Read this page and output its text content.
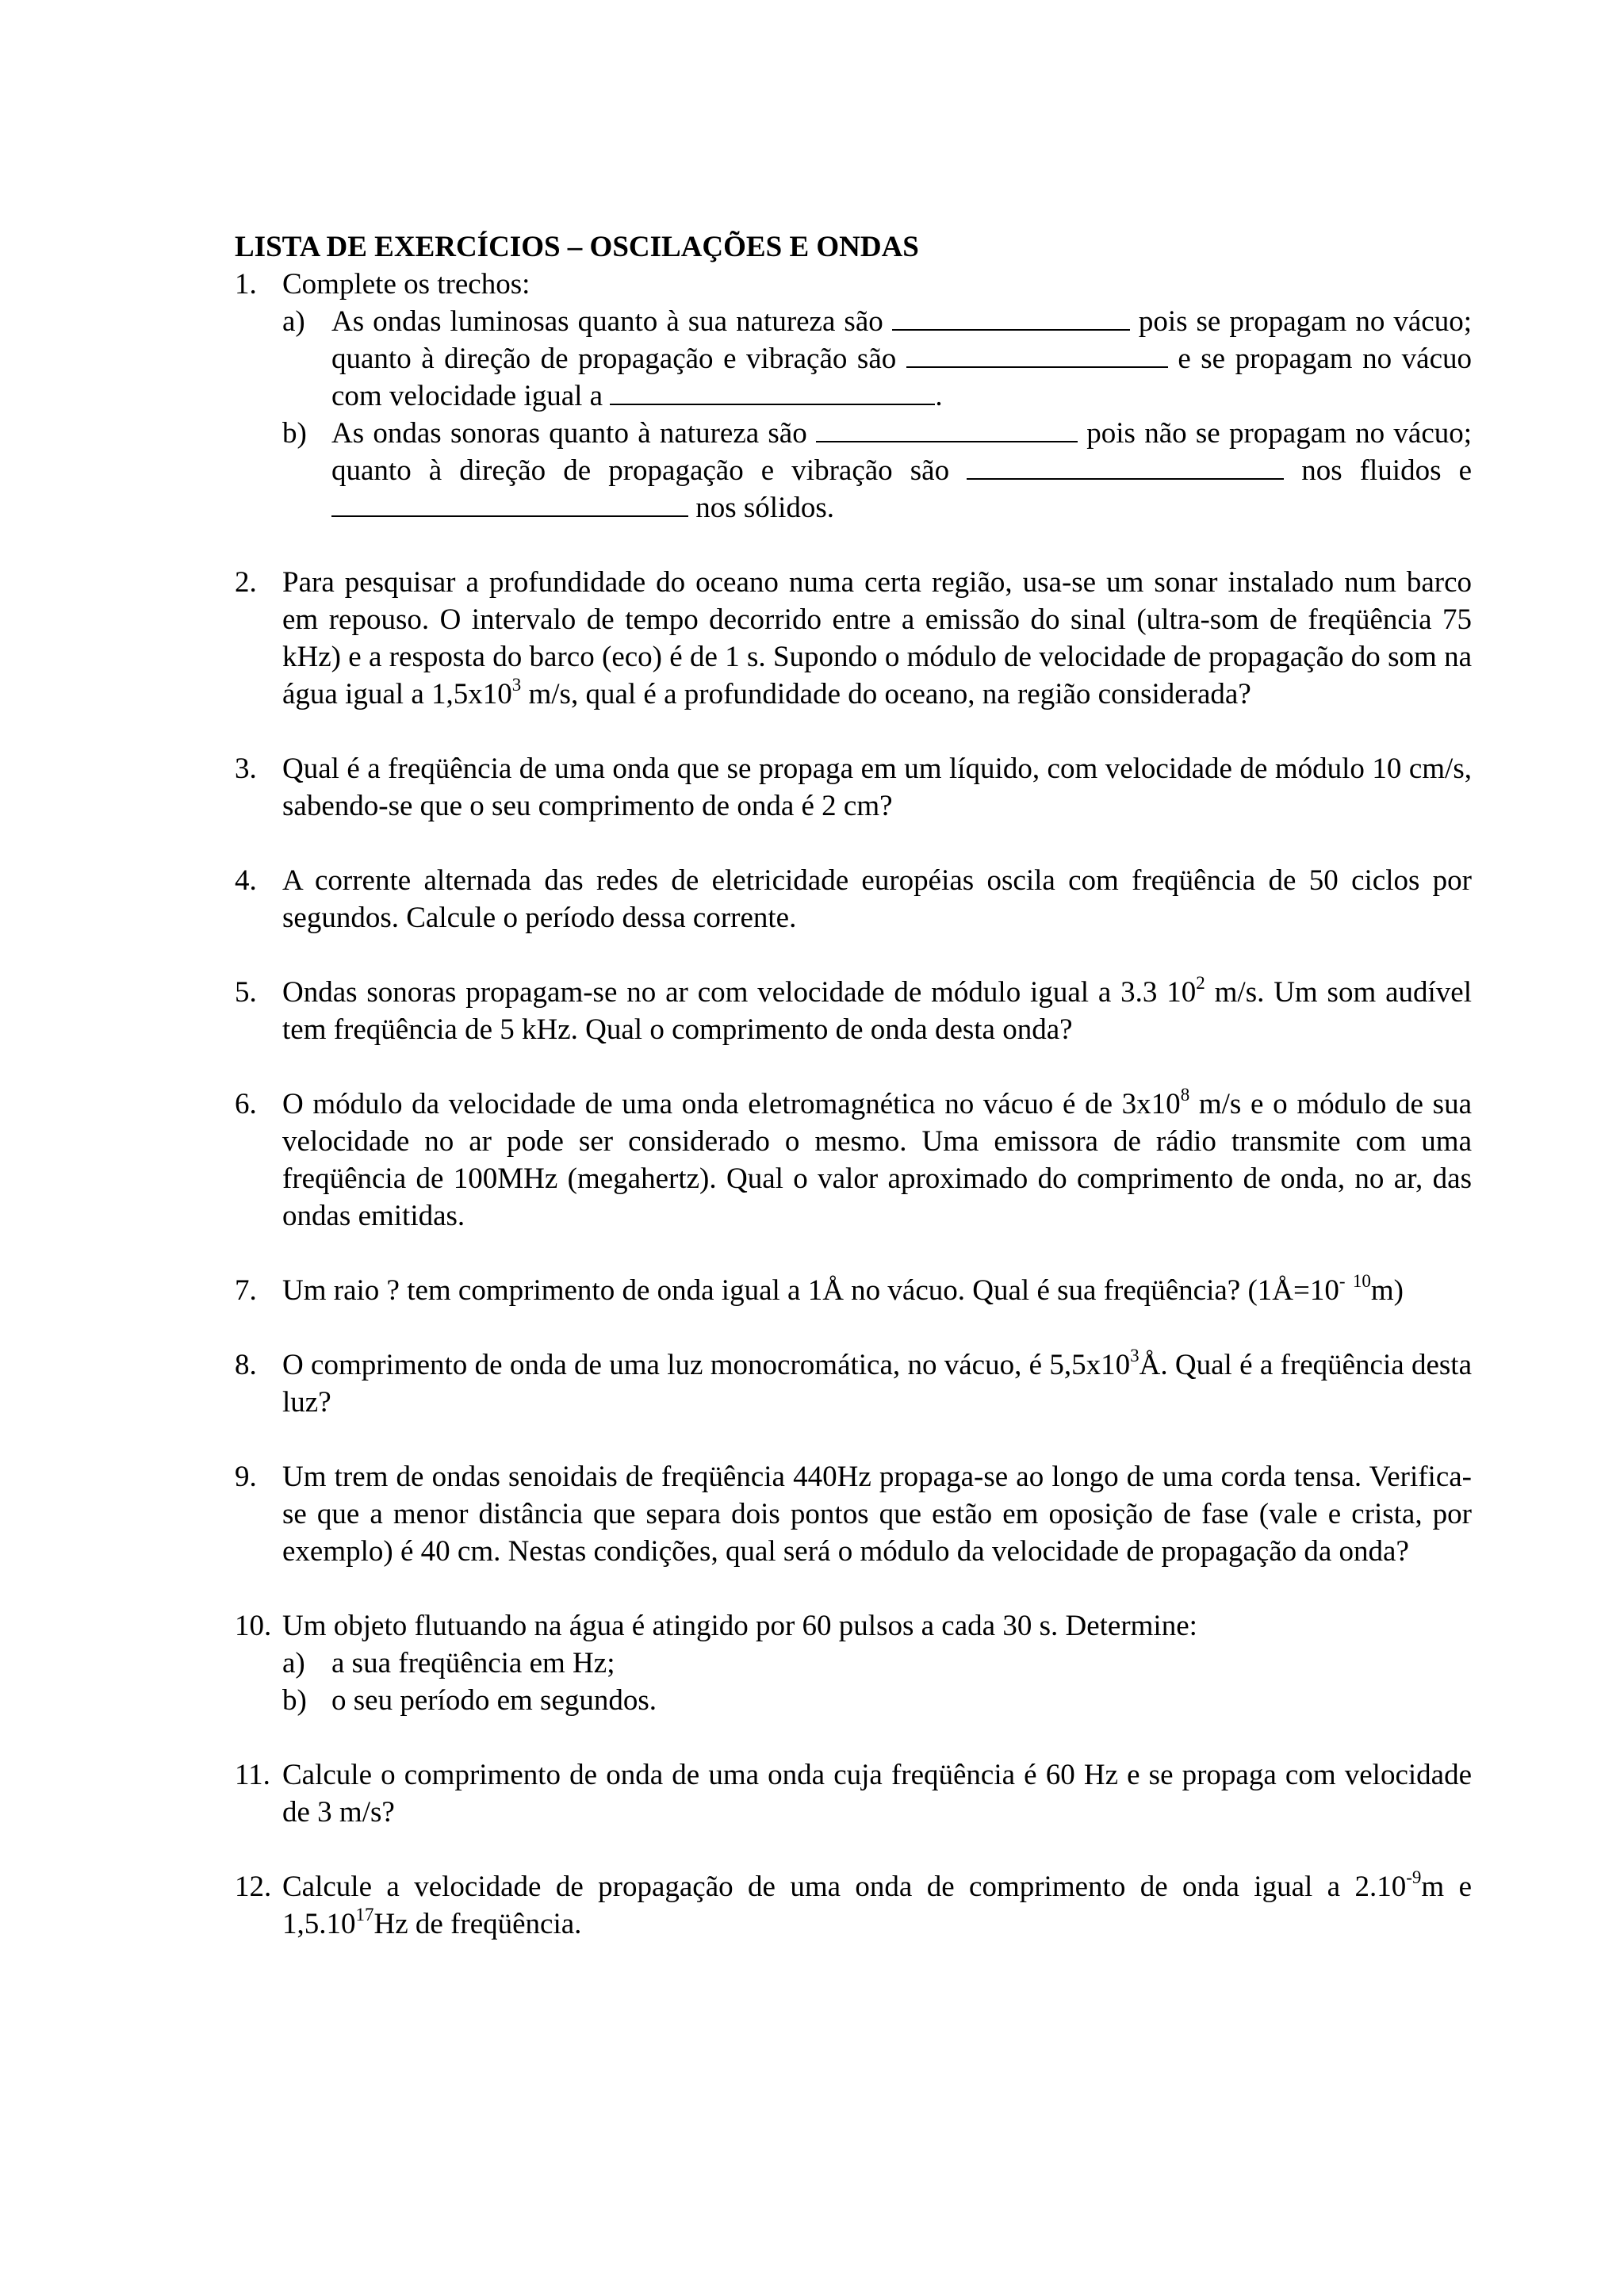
LISTA DE EXERCÍCIOS – OSCILAÇÕES E ONDAS
1. Complete os trechos:
a) As ondas luminosas quanto à sua natureza são	pois se propagam no vácuo; quanto à direção de propagação e vibração são	e se propagam no vácuo com velocidade igual a	.
b) As ondas sonoras quanto à natureza são	pois não se propagam no vácuo; quanto à direção de propagação e vibração são	nos fluidos e  nos sólidos.
2. Para pesquisar a profundidade do oceano numa certa região, usa-se um sonar instalado num barco em repouso. O intervalo de tempo decorrido entre a emissão do sinal (ultra-som de freqüência 75 kHz) e a resposta do barco (eco) é de 1 s. Supondo o módulo de velocidade de propagação do som na água igual a $1,5x10^3$ m/s, qual é a profundidade do oceano, na região considerada?
3. Qual é a freqüência de uma onda que se propaga em um líquido, com velocidade de módulo 10 cm/s, sabendo-se que o seu comprimento de onda é 2 cm?
4. A corrente alternada das redes de eletricidade européias oscila com freqüência de 50 ciclos por segundos. Calcule o período dessa corrente.
5. Ondas sonoras propagam-se no ar com velocidade de módulo igual a 3.3 $10^2$ m/s. Um som audível tem freqüência de 5 kHz. Qual o comprimento de onda desta onda?
6. O módulo da velocidade de uma onda eletromagnética no vácuo é de $3x10^8$ m/s e o módulo de sua velocidade no ar pode ser considerado o mesmo. Uma emissora de rádio transmite com uma freqüência de 100MHz (megahertz). Qual o valor aproximado do comprimento de onda, no ar, das ondas emitidas.
7. Um raio ? tem comprimento de onda igual a 1Å no vácuo. Qual é sua freqüência? (1Å=10- $^{10}$m)
8. O comprimento de onda de uma luz monocromática, no vácuo, é $5,5x10^3Å$. Qual é a freqüência desta luz?
9. Um trem de ondas senoidais de freqüência 440Hz propaga-se ao longo de uma corda tensa. Verifica-se que a menor distância que separa dois pontos que estão em oposição de fase (vale e crista, por exemplo) é 40 cm. Nestas condições, qual será o módulo da velocidade de propagação da onda?
10. Um objeto flutuando na água é atingido por 60 pulsos a cada 30 s. Determine:
a) a sua freqüência em Hz;
b) o seu período em segundos.
11. Calcule o comprimento de onda de uma onda cuja freqüência é 60 Hz e se propaga com velocidade de 3 m/s?
12. Calcule a velocidade de propagação de uma onda de comprimento de onda igual a $2.10^{-9}m$ e 1,5.10$^{17}$Hz de freqüência.
